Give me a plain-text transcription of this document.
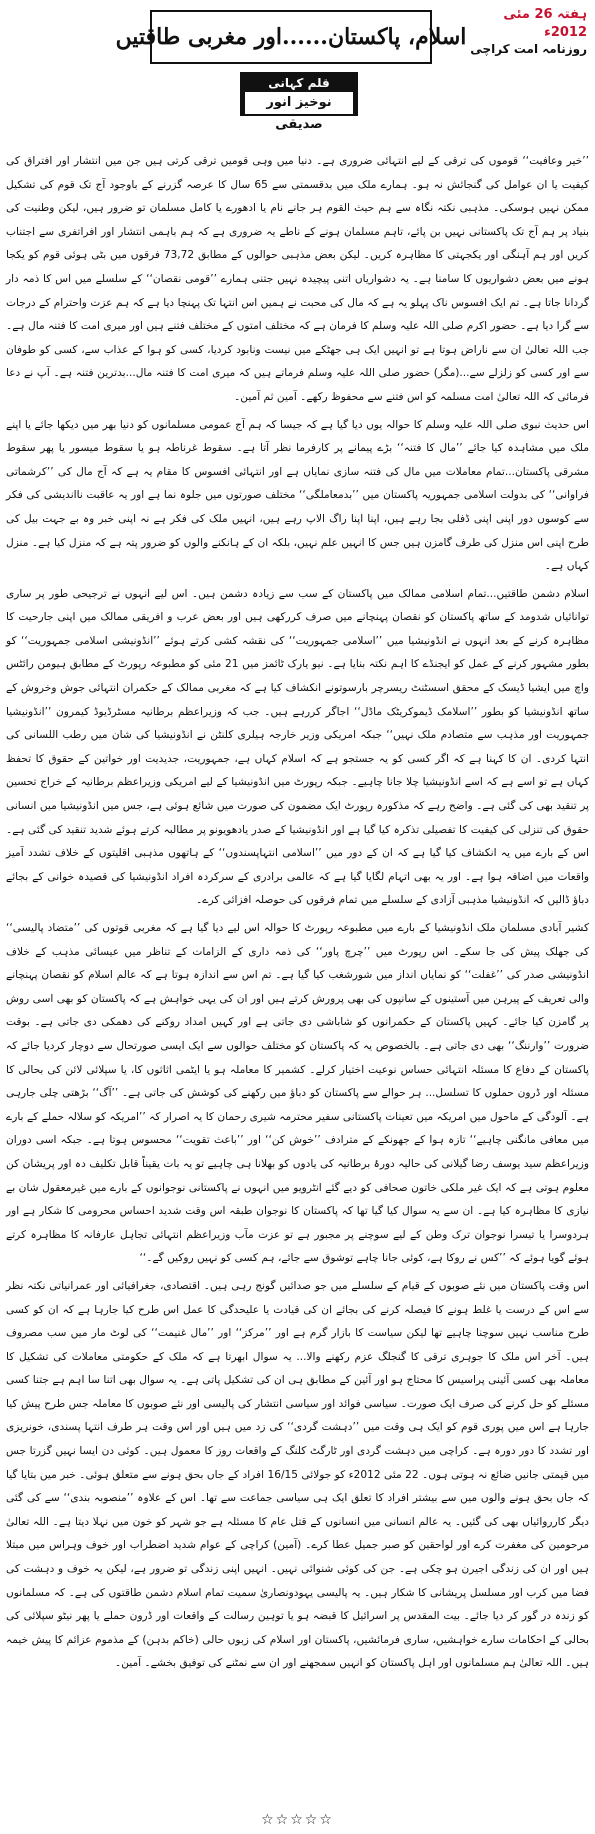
ہفتہ 26 مئی 2012ء
روزنامہ امت کراچی
اسلام، پاکستان......اور مغربی طاقتیں
قلم کہانی
نوخیز انور صدیقی

’’خیر وعافیت‘‘ قوموں کی ترقی کے لیے انتہائی ضروری ہے۔ دنیا میں وہی قومیں ترقی کرتی ہیں جن میں انتشار اور افتراق کی کیفیت یا ان عوامل کی گنجائش نہ ہو۔ ہمارے ملک میں بدقسمتی سے 65 سال کا عرصہ گزرنے کے باوجود آج تک قوم کی تشکیل ممکن نہیں ہوسکی۔ مذہبی نکتہ نگاہ سے ہم حیث القوم ہر جانے نام یا ادھورے یا کامل مسلمان تو ضرور ہیں، لیکن وطنیت کی بنیاد پر ہم آج تک پاکستانی نہیں بن پائے، تاہم مسلمان ہونے کے ناطے یہ ضروری ہے کہ ہم باہمی انتشار اور افراتفری سے اجتناب کریں اور ہم آہنگی اور یکجہتی کا مظاہرہ کریں۔ لیکن بعض مذہبی حوالوں کے مطابق 73,72 فرقوں میں بٹی ہوئی قوم کو یکجا ہونے میں بعض دشواریوں کا سامنا ہے۔ یہ دشواریاں اتنی پیچیدہ نہیں جتنی ہمارے ’’قومی نقصان‘‘ کے سلسلے میں اس کا ذمہ دار گردانا جاتا ہے۔ تم ایک افسوس ناک پہلو یہ ہے کہ مال کی محبت نے ہمیں اس انتہا تک پہنچا دیا ہے کہ ہم عزت واحترام کے درجات سے گرا دیا ہے۔ حضور اکرم صلی اللہ علیہ وسلم کا فرمان ہے کہ مختلف امتوں کے مختلف فتنے ہیں اور میری امت کا فتنہ مال ہے۔ جب اللہ تعالیٰ ان سے ناراض ہوتا ہے تو انہیں ایک ہی جھٹکے میں نیست ونابود کردیا، کسی کو ہوا کے عذاب سے، کسی کو طوفان سے اور کسی کو زلزلے سے...(مگر) حضور صلی اللہ علیہ وسلم فرماتے ہیں کہ میری امت کا فتنہ مال...بدترین فتنہ ہے۔ آپ نے دعا فرمائی کہ اللہ تعالیٰ امت مسلمہ کو اس فتنے سے محفوظ رکھے۔ آمین ثم آمین۔

اس حدیث نبوی صلی اللہ علیہ وسلم کا حوالہ یوں دیا گیا ہے کہ جیسا کہ ہم آج عمومی مسلمانوں کو دنیا بھر میں دیکھا جائے یا اپنے ملک میں مشاہدہ کیا جائے ’’مال کا فتنہ‘‘ بڑے پیمانے پر کارفرما نظر آتا ہے۔ سقوط غرناطہ ہو یا سقوط میسور یا پھر سقوط مشرقی پاکستان...تمام معاملات میں مال کی فتنہ سازی نمایاں ہے اور انتہائی افسوس کا مقام یہ ہے کہ آج مال کی ’’کرشماتی فراوانی‘‘ کی بدولت اسلامی جمہوریہ پاکستان میں ’’بدمعاملگی‘‘ مختلف صورتوں میں جلوہ نما ہے اور یہ عاقبت نااندیشی کی فکر سے کوسوں دور اپنی اپنی ڈفلی بجا رہے ہیں، اپنا اپنا راگ الاپ رہے ہیں، انہیں ملک کی فکر ہے نہ اپنی خبر وہ بے جہت بیل کی طرح اپنی اس منزل کی طرف گامزن ہیں جس کا انہیں علم نہیں، بلکہ ان کے ہانکنے والوں کو ضرور پتہ ہے کہ منزل کیا ہے۔ منزل کہاں ہے۔

اسلام دشمن طاقتیں...تمام اسلامی ممالک میں پاکستان کے سب سے زیادہ دشمن ہیں۔ اس لیے انہوں نے ترجیحی طور پر ساری توانائیاں شدومد کے ساتھ پاکستان کو نقصان پہنچانے میں صرف کررکھی ہیں اور بعض عرب و افریقی ممالک میں اپنی جارحیت کا مظاہرہ کرنے کے بعد انہوں نے انڈونیشیا میں ’’اسلامی جمہوریت‘‘ کی نقشہ کشی کرتے ہوئے ’’انڈونیشی اسلامی جمہوریت‘‘ کو بطور مشہور کرنے کے عمل کو ایجنڈے کا اہم نکتہ بنایا ہے۔ نیو یارک ٹائمز میں 21 مئی کو مطبوعہ رپورٹ کے مطابق ہیومن رائٹس واچ میں ایشیا ڈیسک کے محقق اسسٹنٹ ریسرچر بارسوتونے انکشاف کیا ہے کہ مغربی ممالک کے حکمران انتہائی جوش وخروش کے ساتھ انڈونیشیا کو بطور ’’اسلامک ڈیموکریٹک ماڈل‘‘ اجاگر کررہے ہیں۔ جب کہ وزیراعظم برطانیہ مسٹرڈیوڈ کیمرون ’’انڈونیشیا جمہوریت اور مذہب سے متصادم ملک نہیں‘‘ جبکہ امریکی وزیر خارجہ ہیلری کلنٹن نے انڈونیشیا کی شان میں رطب اللسانی کی انتہا کردی۔ ان کا کہنا ہے کہ اگر کسی کو یہ جستجو ہے کہ اسلام کہاں ہے، جمہوریت، جدیدیت اور خواتین کے حقوق کا تحفظ کہاں ہے تو اسے ہے کہ اسے انڈونیشیا چلا جانا چاہیے۔ جبکہ رپورٹ میں انڈونیشیا کے لیے امریکی وزیراعظم برطانیہ کے خراج تحسین پر تنقید بھی کی گئی ہے۔ واضح رہے کہ مذکورہ رپورٹ ایک مضمون کی صورت میں شائع ہوئی ہے، جس میں انڈونیشیا میں انسانی حقوق کی تنزلی کی کیفیت کا تفصیلی تذکرہ کیا گیا ہے اور انڈونیشیا کے صدر یادھویونو پر مطالبہ کرتے ہوئے شدید تنقید کی گئی ہے۔ اس کے بارے میں یہ انکشاف کیا گیا ہے کہ ان کے دور میں ’’اسلامی انتہاپسندوں‘‘ کے ہاتھوں مذہبی اقلیتوں کے خلاف تشدد آمیز واقعات میں اضافہ ہوا ہے۔ اور یہ بھی اتہام لگایا گیا ہے کہ عالمی برادری کے سرکردہ افراد انڈونیشیا کی قصیدہ خوانی کے بجائے دباؤ ڈالیں کہ انڈونیشیا مذہبی آزادی کے سلسلے میں تمام فرقوں کی حوصلہ افزائی کرے۔

کشیر آبادی مسلمان ملک انڈونیشیا کے بارے میں مطبوعہ رپورٹ کا حوالہ اس لیے دیا گیا ہے کہ مغربی قوتوں کی ’’متضاد پالیسی‘‘ کی جھلک پیش کی جا سکے۔ اس رپورٹ میں ’’چرچ پاور‘‘ کی ذمہ داری کے الزامات کے تناظر میں عیسائی مذہب کے خلاف انڈونیشی صدر کی ’’غفلت‘‘ کو نمایاں انداز میں شورشغب کیا گیا ہے۔ تم اس سے اندازہ ہوتا ہے کہ عالم اسلام کو نقصان پہنچانے والی تعریف کے پیرہن میں آستینوں کے سانپوں کی بھی پرورش کرتے ہیں اور ان کی یہی خواہش ہے کہ پاکستان کو بھی اسی روش پر گامزن کیا جائے۔ کہیں پاکستان کے حکمرانوں کو شاباشی دی جاتی ہے اور کہیں امداد روکنے کی دھمکی دی جاتی ہے۔ بوقت ضرورت ’’وارننگ‘‘ بھی دی جاتی ہے۔ بالخصوص یہ کہ پاکستان کو مختلف حوالوں سے ایک ایسی صورتحال سے دوچار کردیا جائے کہ پاکستان کے دفاع کا مسئلہ انتہائی حساس نوعیت اختیار کرلے۔ کشمیر کا معاملہ ہو یا ایٹمی اثاثوں کا، یا سپلائی لائن کی بحالی کا مسئلہ اور ڈرون حملوں کا تسلسل... ہر حوالے سے پاکستان کو دباؤ میں رکھنے کی کوشش کی جاتی ہے۔ ’’آگ‘‘ بڑھتی چلی جارہی ہے۔ آلودگی کے ماحول میں امریکہ میں تعینات پاکستانی سفیر محترمہ شیری رحمان کا یہ اصرار کہ ’’امریکہ کو سلالہ حملے کے بارے میں معافی مانگنی چاہیے‘‘ تازہ ہوا کے جھونکے کے مترادف ’’خوش کن‘‘ اور ’’باعث تقویت‘‘ محسوس ہوتا ہے۔ جبکہ اسی دوران وزیراعظم سید یوسف رضا گیلانی کی حالیہ دورۂ برطانیہ کی یادوں کو بھلانا ہی چاہیے تو یہ بات یقیناً قابل تکلیف دہ اور پریشان کن معلوم ہوتی ہے کہ ایک غیر ملکی خاتون صحافی کو دیے گئے انٹرویو میں انہوں نے پاکستانی نوجوانوں کے بارے میں غیرمعقول شان بے نیازی کا مظاہرہ کیا ہے۔ ان سے یہ سوال کیا گیا تھا کہ پاکستان کا نوجوان طبقہ اس وقت شدید احساس محرومی کا شکار ہے اور ہردوسرا یا تیسرا نوجوان ترک وطن کے لیے سوچنے پر مجبور ہے تو عزت مآب وزیراعظم انتہائی تجاہل عارفانہ کا مظاہرہ کرتے ہوئے گویا ہوئے کہ ’’کس نے روکا ہے، کوئی جانا چاہے توشوق سے جائے، ہم کسی کو نہیں روکیں گے۔‘‘

اس وقت پاکستان میں نئے صوبوں کے قیام کے سلسلے میں جو صدائیں گونج رہی ہیں۔ اقتصادی، جغرافیائی اور عمرانیاتی نکتہ نظر سے اس کے درست یا غلط ہونے کا فیصلہ کرنے کی بجائے ان کی قیادت یا علیحدگی کا عمل اس طرح کیا جارہا ہے کہ ان کو کسی طرح مناسب نہیں سوچنا چاہیے تھا لیکن سیاست کا بازار گرم ہے اور ’’مرکز‘‘ اور ’’مال غنیمت‘‘ کی لوٹ مار میں سب مصروف ہیں۔ آخر اس ملک کا جوہری ترقی کا گنجلگ عزم رکھنے والا... یہ سوال ابھرتا ہے کہ ملک کے حکومتی معاملات کی تشکیل کا معاملہ بھی کسی آئینی پراسیس کا محتاج ہو اور آئین کے مطابق ہی ان کی تشکیل پاتی ہے۔ یہ سوال بھی اتنا سا اہم ہے جتنا کسی مسئلے کو حل کرنے کی صرف ایک صورت۔ سیاسی فوائد اور سیاسی انتشار کی پالیسی اور نئے صوبوں کا معاملہ جس طرح پیش کیا جارہا ہے اس میں پوری قوم کو ایک ہی وقت میں ’’دہشت گردی‘‘ کی زد میں ہیں اور اس وقت ہر طرف انتہا پسندی، خونریزی اور تشدد کا دور دورہ ہے۔ کراچی میں دہشت گردی اور ٹارگٹ کلنگ کے واقعات روز کا معمول ہیں۔ کوئی دن ایسا نہیں گزرتا جس میں قیمتی جانیں ضائع نہ ہوتی ہوں۔ 22 مئی 2012ء کو جولائی 16/15 افراد کے جاں بحق ہونے سے متعلق ہوئی۔ خبر میں بتایا گیا کہ جاں بحق ہونے والوں میں سے بیشتر افراد کا تعلق ایک ہی سیاسی جماعت سے تھا۔ اس کے علاوہ ’’منصوبہ بندی‘‘ سے کی گئی دیگر کارروائیاں بھی کی گئیں۔ یہ عالم انسانی میں انسانوں کے قتل عام کا مسئلہ ہے جو شہر کو خون میں نہلا دیتا ہے۔ اللہ تعالیٰ مرحومین کی مغفرت کرے اور لواحقین کو صبر جمیل عطا کرے۔ (آمین) کراچی کے عوام شدید اضطراب اور خوف وہراس میں مبتلا ہیں اور ان کی زندگی اجیرن ہو چکی ہے۔ جن کی کوئی شنوائی نہیں۔ انہیں اپنی زندگی تو ضرور ہے، لیکن یہ خوف و دہشت کی فضا میں کرب اور مسلسل پریشانی کا شکار ہیں۔ یہ پالیسی یہودونصاریٰ سمیت تمام اسلام دشمن طاقتوں کی ہے۔ کہ مسلمانوں کو زندہ در گور کر دیا جائے۔ بیت المقدس پر اسرائیل کا قبضہ ہو یا توہین رسالت کے واقعات اور ڈرون حملے یا پھر نیٹو سپلائی کی بحالی کے احکامات سارے خواہشیں، ساری فرمائشیں، پاکستان اور اسلام کی زبوں حالی (خاکم بدہن) کے مذموم عزائم کا پیش خیمہ ہیں۔ اللہ تعالیٰ ہم مسلمانوں اور اہل پاکستان کو انہیں سمجھنے اور ان سے نمٹنے کی توفیق بخشے۔ آمین۔

☆☆☆☆☆
